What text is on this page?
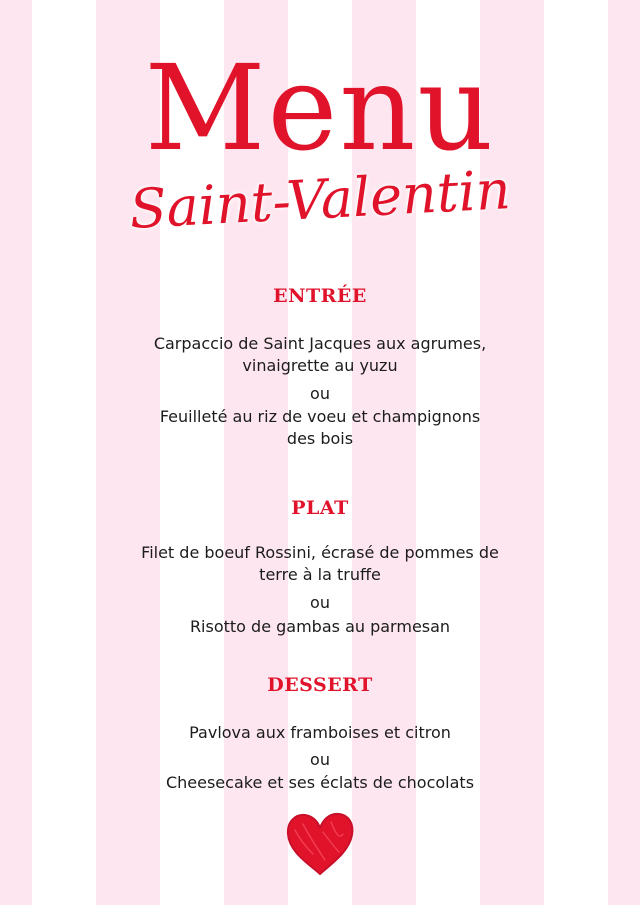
Menu
Saint-Valentin
ENTRÉE
Carpaccio de Saint Jacques aux agrumes,
vinaigrette au yuzu
ou
Feuilleté au riz de voeu et champignons
des bois
PLAT
Filet de boeuf Rossini, écrasé de pommes de
terre à la truffe
ou
Risotto de gambas au parmesan
DESSERT
Pavlova aux framboises et citron
ou
Cheesecake et ses éclats de chocolats
